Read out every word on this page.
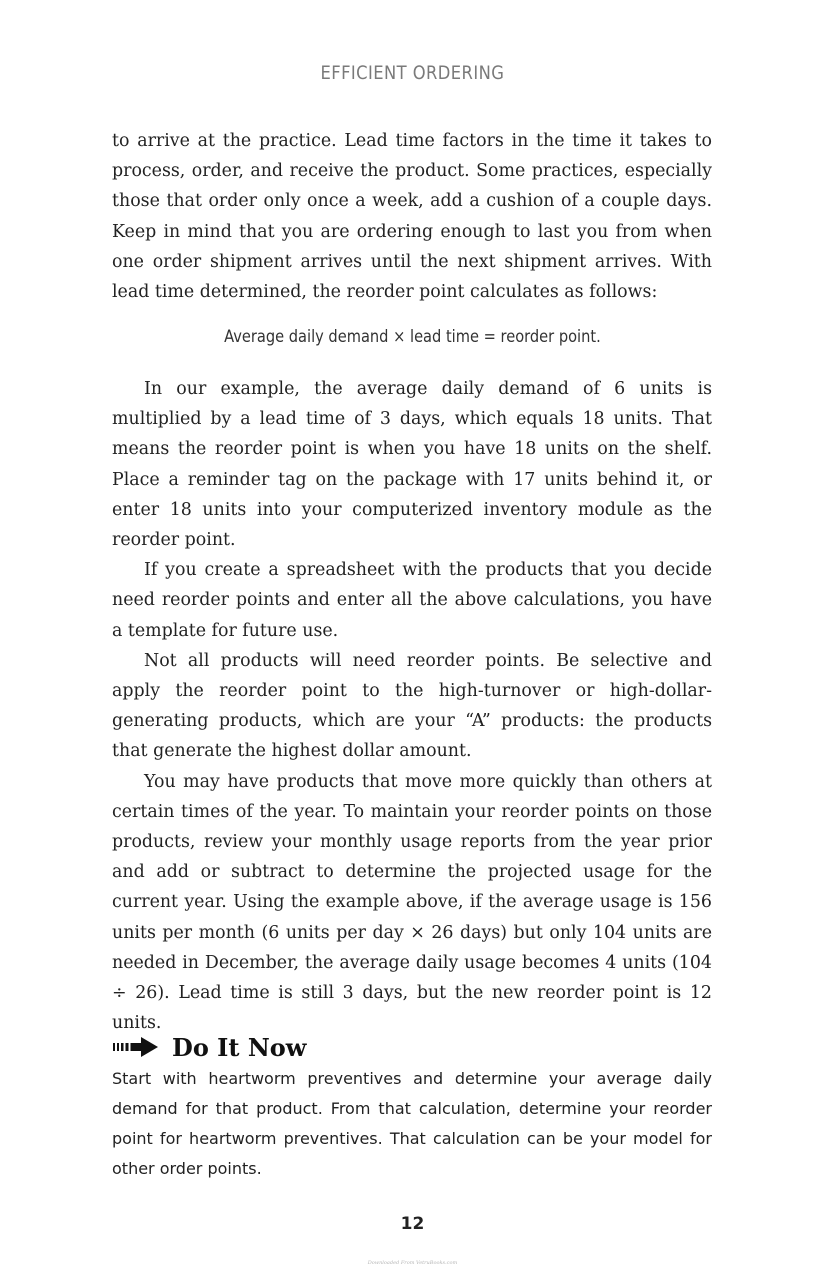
EFFICIENT ORDERING

to arrive at the practice. Lead time factors in the time it takes to process, order, and receive the product. Some practices, especially those that order only once a week, add a cushion of a couple days. Keep in mind that you are ordering enough to last you from when one order shipment arrives until the next shipment arrives. With lead time determined, the reorder point calculates as follows:

Average daily demand × lead time = reorder point.

In our example, the average daily demand of 6 units is multiplied by a lead time of 3 days, which equals 18 units. That means the reorder point is when you have 18 units on the shelf. Place a reminder tag on the package with 17 units behind it, or enter 18 units into your computerized inventory module as the reorder point.

If you create a spreadsheet with the products that you decide need reorder points and enter all the above calculations, you have a template for future use.

Not all products will need reorder points. Be selective and apply the reorder point to the high-turnover or high-dollar-generating products, which are your “A” products: the products that generate the highest dollar amount.

You may have products that move more quickly than others at certain times of the year. To maintain your reorder points on those products, review your monthly usage reports from the year prior and add or subtract to determine the projected usage for the current year. Using the example above, if the average usage is 156 units per month (6 units per day × 26 days) but only 104 units are needed in December, the average daily usage becomes 4 units (104 ÷ 26). Lead time is still 3 days, but the new reorder point is 12 units.

Do It Now
Start with heartworm preventives and determine your average daily demand for that product. From that calculation, determine your reorder point for heartworm preventives. That calculation can be your model for other order points.
12
Downloaded From VetruBooks.com
